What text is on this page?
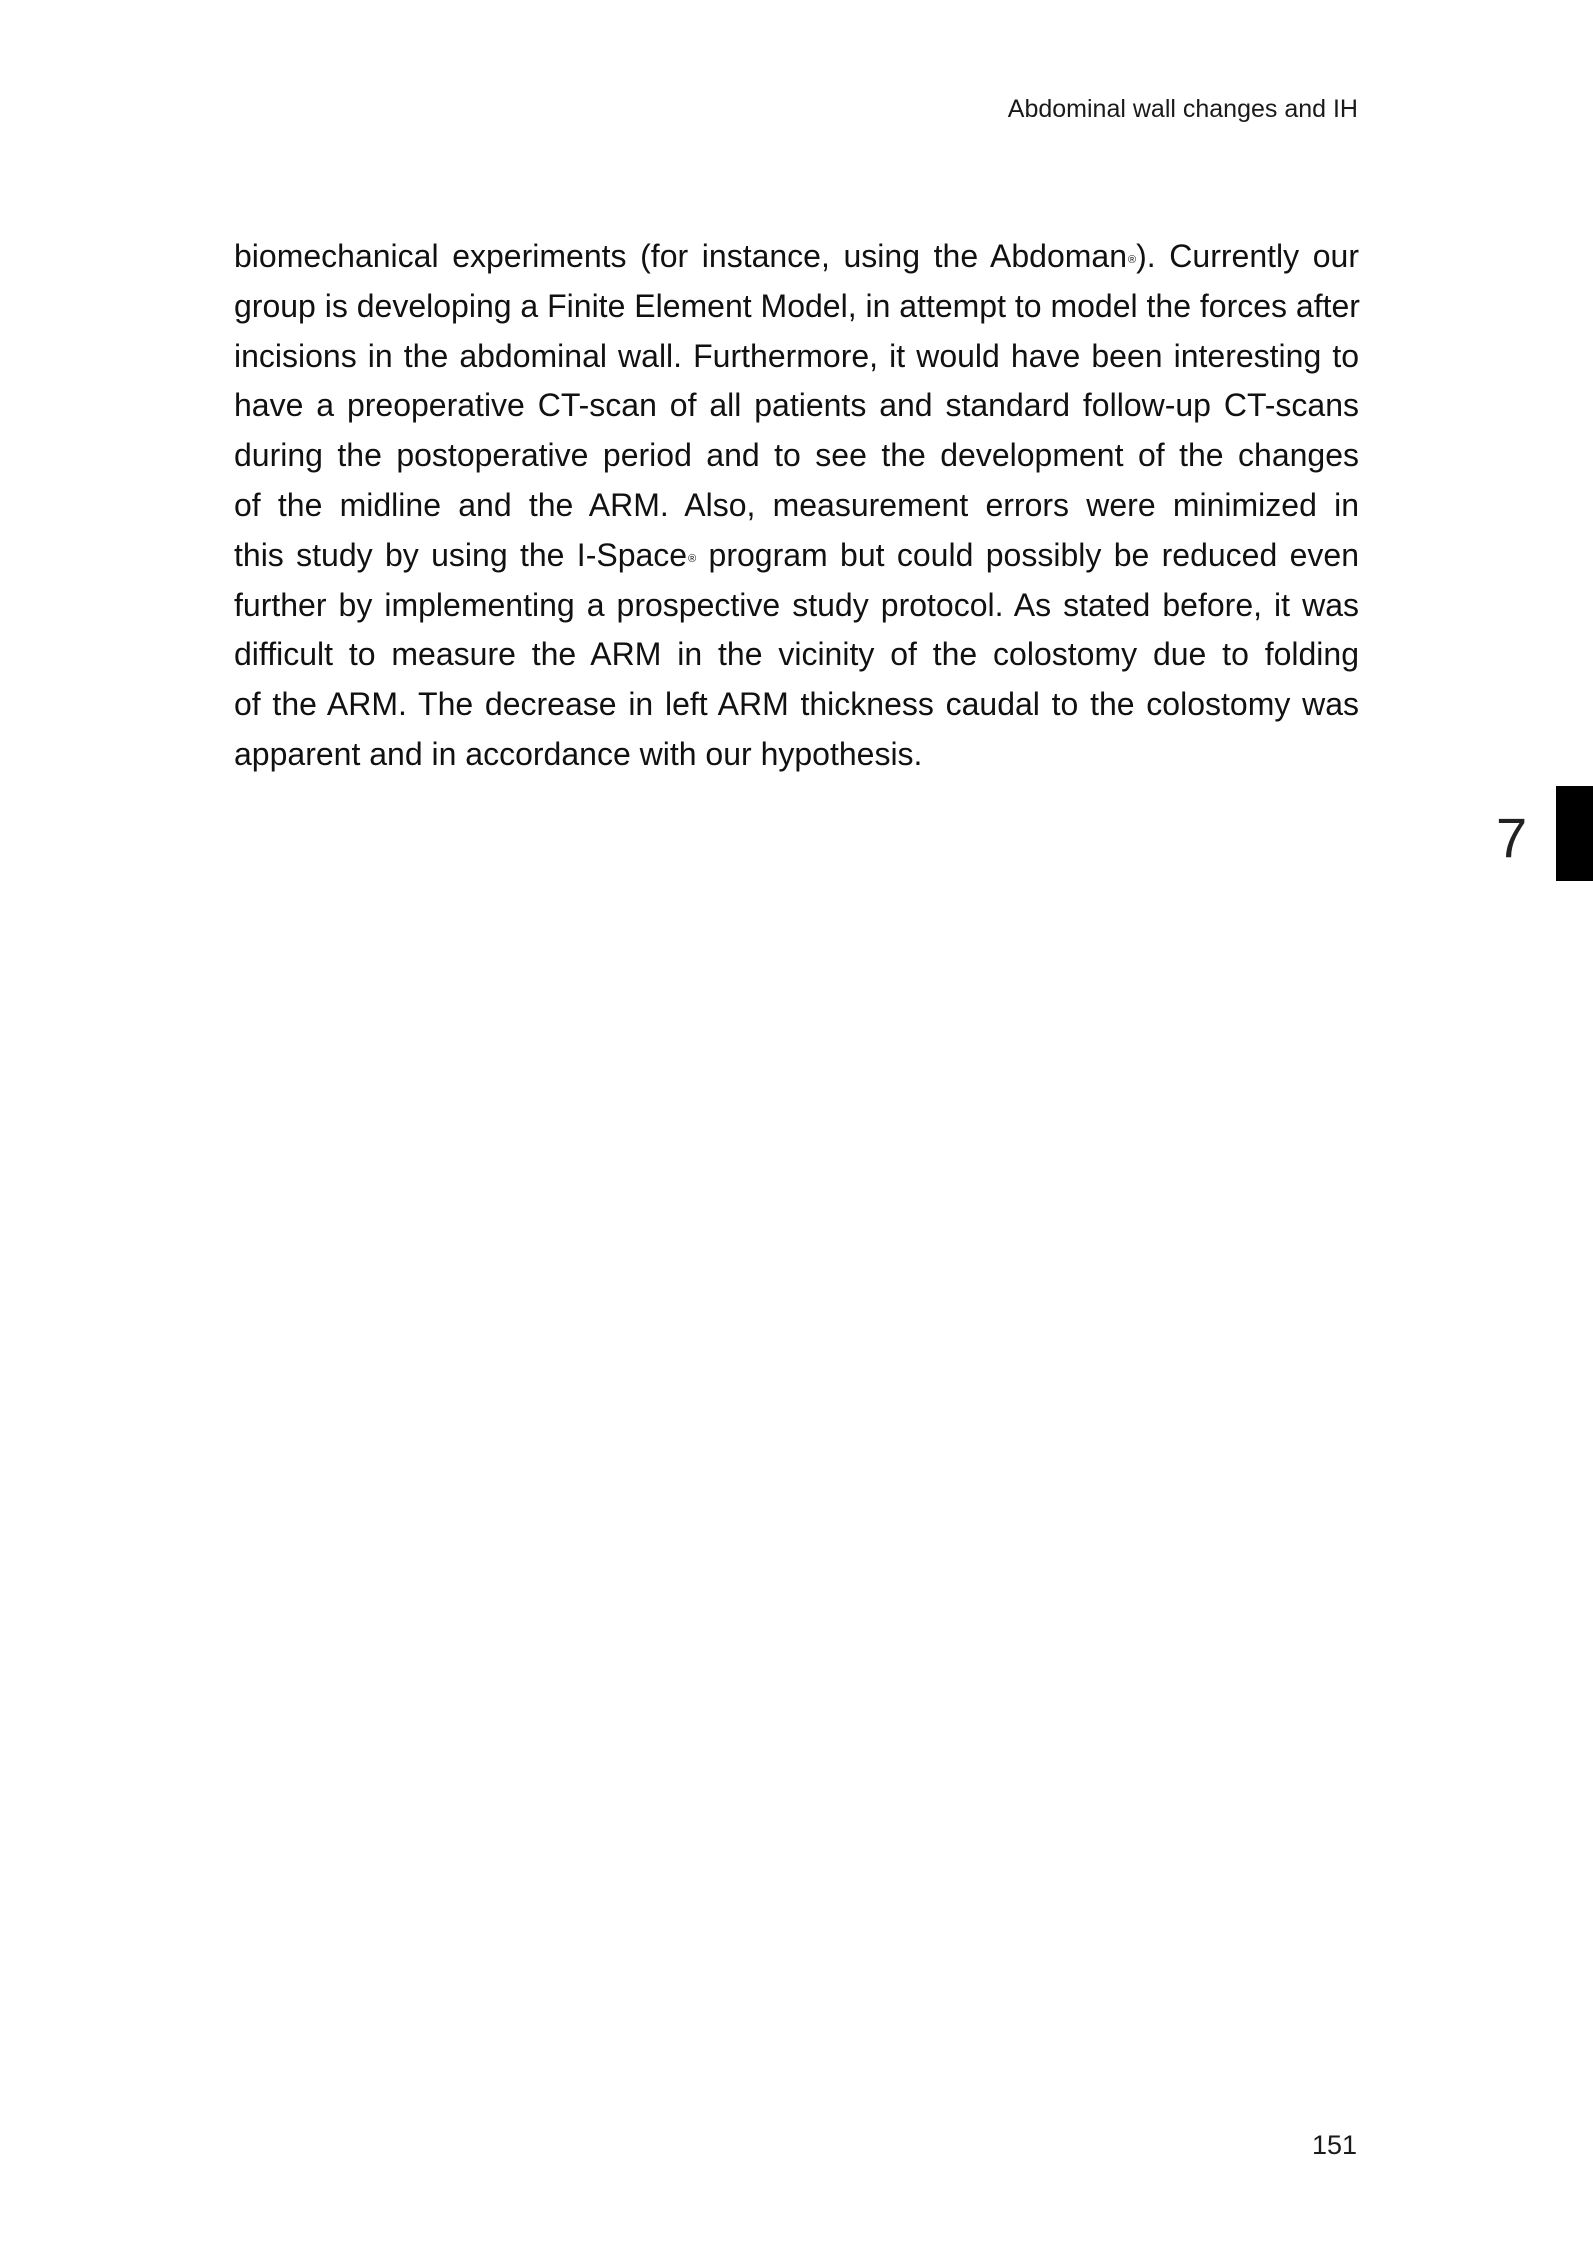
Abdominal wall changes and IH

biomechanical experiments (for instance, using the Abdoman®). Currently our
group is developing a Finite Element Model, in attempt to model the forces after
incisions in the abdominal wall. Furthermore, it would have been interesting to
have a preoperative CT-scan of all patients and standard follow-up CT-scans
during the postoperative period and to see the development of the changes
of the midline and the ARM. Also, measurement errors were minimized in
this study by using the I-Space® program but could possibly be reduced even
further by implementing a prospective study protocol. As stated before, it was
difficult to measure the ARM in the vicinity of the colostomy due to folding
of the ARM. The decrease in left ARM thickness caudal to the colostomy was
apparent and in accordance with our hypothesis.

7
151
